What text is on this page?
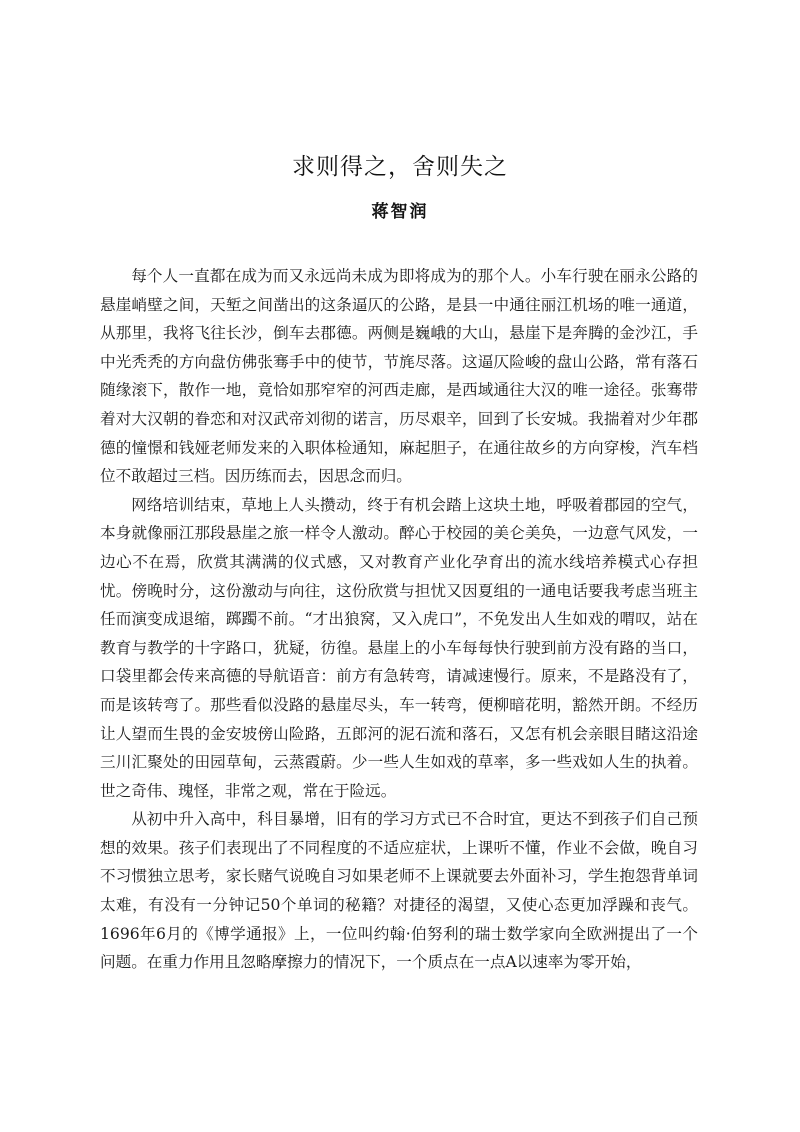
求则得之，舍则失之
蒋智润

每个人一直都在成为而又永远尚未成为即将成为的那个人。小车行驶在丽永公路的悬崖峭壁之间，天堑之间凿出的这条逼仄的公路，是县一中通往丽江机场的唯一通道，从那里，我将飞往长沙，倒车去郡德。两侧是巍峨的大山，悬崖下是奔腾的金沙江，手中光秃秃的方向盘仿佛张骞手中的使节，节旄尽落。这逼仄险峻的盘山公路，常有落石随缘滚下，散作一地，竟恰如那窄窄的河西走廊，是西域通往大汉的唯一途径。张骞带着对大汉朝的眷恋和对汉武帝刘彻的诺言，历尽艰辛，回到了长安城。我揣着对少年郡德的憧憬和钱娅老师发来的入职体检通知，麻起胆子，在通往故乡的方向穿梭，汽车档位不敢超过三档。因历练而去，因思念而归。

网络培训结束，草地上人头攒动，终于有机会踏上这块土地，呼吸着郡园的空气，本身就像丽江那段悬崖之旅一样令人激动。醉心于校园的美仑美奂，一边意气风发，一边心不在焉，欣赏其满满的仪式感，又对教育产业化孕育出的流水线培养模式心存担忧。傍晚时分，这份激动与向往，这份欣赏与担忧又因夏组的一通电话要我考虑当班主任而演变成退缩，踯躅不前。“才出狼窝，又入虎口”，不免发出人生如戏的喟叹，站在教育与教学的十字路口，犹疑，彷徨。悬崖上的小车每每快行驶到前方没有路的当口，口袋里都会传来高德的导航语音：前方有急转弯，请减速慢行。原来，不是路没有了，而是该转弯了。那些看似没路的悬崖尽头，车一转弯，便柳暗花明，豁然开朗。不经历让人望而生畏的金安坡傍山险路，五郎河的泥石流和落石，又怎有机会亲眼目睹这沿途三川汇聚处的田园草甸，云蒸霞蔚。少一些人生如戏的草率，多一些戏如人生的执着。世之奇伟、瑰怪，非常之观，常在于险远。

从初中升入高中，科目暴增，旧有的学习方式已不合时宜，更达不到孩子们自己预想的效果。孩子们表现出了不同程度的不适应症状，上课听不懂，作业不会做，晚自习不习惯独立思考，家长赌气说晚自习如果老师不上课就要去外面补习，学生抱怨背单词太难，有没有一分钟记50个单词的秘籍？对捷径的渴望，又使心态更加浮躁和丧气。1696年6月的《博学通报》上，一位叫约翰·伯努利的瑞士数学家向全欧洲提出了一个问题。在重力作用且忽略摩擦力的情况下，一个质点在一点A以速率为零开始，
